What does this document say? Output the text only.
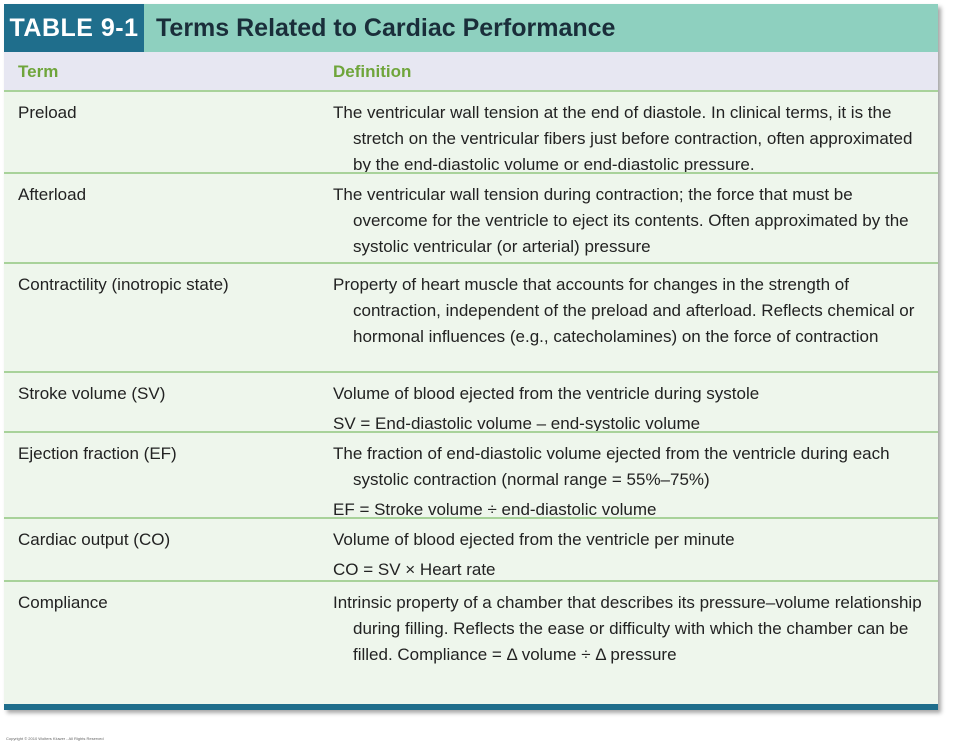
TABLE 9-1 Terms Related to Cardiac Performance
Term	Definition
Preload	The ventricular wall tension at the end of diastole. In clinical terms, it is the stretch on the ventricular fibers just before contraction, often approximated by the end-diastolic volume or end-diastolic pressure.

Afterload	The ventricular wall tension during contraction; the force that must be overcome for the ventricle to eject its contents. Often approximated by the systolic ventricular (or arterial) pressure

Contractility (inotropic state)	Property of heart muscle that accounts for changes in the strength of contraction, independent of the preload and afterload. Reflects chemical or hormonal influences (e.g., catecholamines) on the force of contraction

Stroke volume (SV)	Volume of blood ejected from the ventricle during systole

SV = End-diastolic volume – end-systolic volume

Ejection fraction (EF)	The fraction of end-diastolic volume ejected from the ventricle during each systolic contraction (normal range = 55%–75%)

EF = Stroke volume ÷ end-diastolic volume

Cardiac output (CO)	Volume of blood ejected from the ventricle per minute

CO = SV × Heart rate

Compliance	Intrinsic property of a chamber that describes its pressure–volume relationship during filling. Reflects the ease or difficulty with which the chamber can be filled. Compliance = Δ volume ÷ Δ pressure

Copyright © 2010 Wolters Kluwer - All Rights Reserved
